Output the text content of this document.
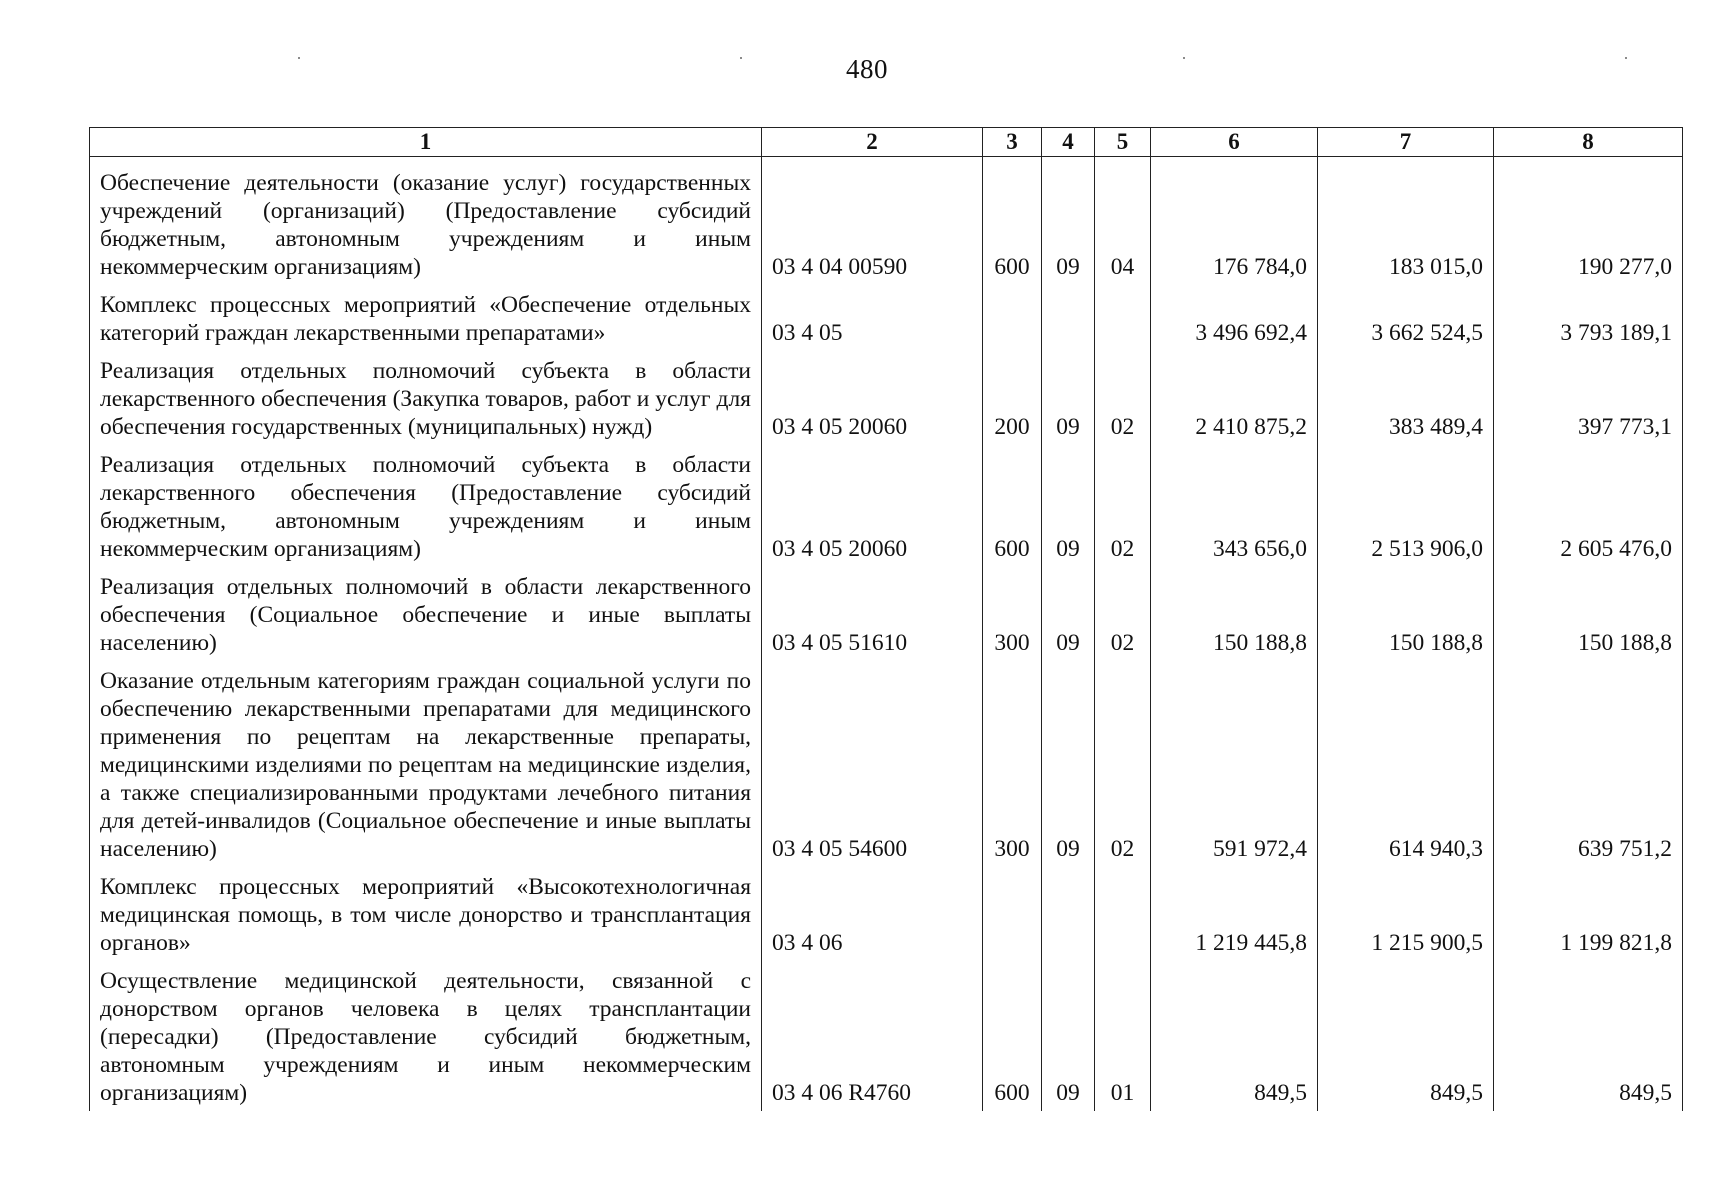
480
1	2	3	4	5	6	7	8
Обеспечение деятельности (оказание услуг) государственных учреждений (организаций) (Предоставление субсидий бюджетным, автономным учреждениям и иным некоммерческим организациям)	03 4 04 00590	600	09	04	176 784,0	183 015,0	190 277,0
Комплекс процессных мероприятий «Обеспечение отдельных категорий граждан лекарственными препаратами»	03 4 05				3 496 692,4	3 662 524,5	3 793 189,1
Реализация отдельных полномочий субъекта в области лекарственного обеспечения (Закупка товаров, работ и услуг для обеспечения государственных (муниципальных) нужд)	03 4 05 20060	200	09	02	2 410 875,2	383 489,4	397 773,1
Реализация отдельных полномочий субъекта в области лекарственного обеспечения (Предоставление субсидий бюджетным, автономным учреждениям и иным некоммерческим организациям)	03 4 05 20060	600	09	02	343 656,0	2 513 906,0	2 605 476,0
Реализация отдельных полномочий в области лекарственного обеспечения (Социальное обеспечение и иные выплаты населению)	03 4 05 51610	300	09	02	150 188,8	150 188,8	150 188,8
Оказание отдельным категориям граждан социальной услуги по обеспечению лекарственными препаратами для медицинского применения по рецептам на лекарственные препараты, медицинскими изделиями по рецептам на медицинские изделия, а также специализированными продуктами лечебного питания для детей-инвалидов (Социальное обеспечение и иные выплаты населению)	03 4 05 54600	300	09	02	591 972,4	614 940,3	639 751,2
Комплекс процессных мероприятий «Высокотехнологичная медицинская помощь, в том числе донорство и трансплантация органов»	03 4 06				1 219 445,8	1 215 900,5	1 199 821,8
Осуществление медицинской деятельности, связанной с донорством органов человека в целях трансплантации (пересадки) (Предоставление субсидий бюджетным, автономным учреждениям и иным некоммерческим организациям)	03 4 06 R4760	600	09	01	849,5	849,5	849,5
